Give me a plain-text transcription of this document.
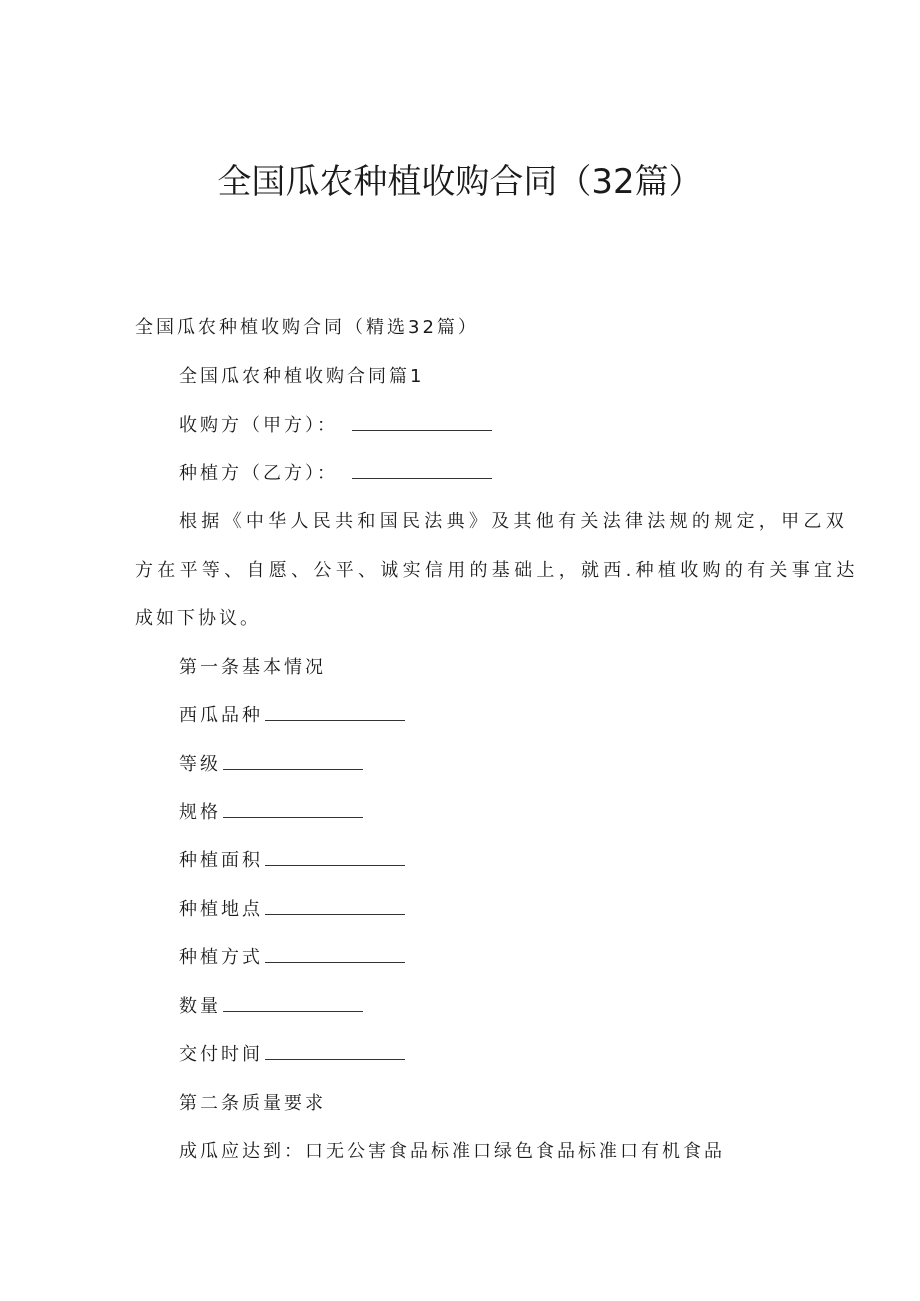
全国瓜农种植收购合同（32篇）
全国瓜农种植收购合同（精选32篇）
全国瓜农种植收购合同篇1
收购方（甲方）：
种植方（乙方）：
根据《中华人民共和国民法典》及其他有关法律法规的规定，甲乙双
方在平等、自愿、公平、诚实信用的基础上，就西.种植收购的有关事宜达
成如下协议。
第一条基本情况
西瓜品种
等级
规格
种植面积
种植地点
种植方式
数量
交付时间
第二条质量要求
成瓜应达到：口无公害食品标准口绿色食品标准口有机食品
